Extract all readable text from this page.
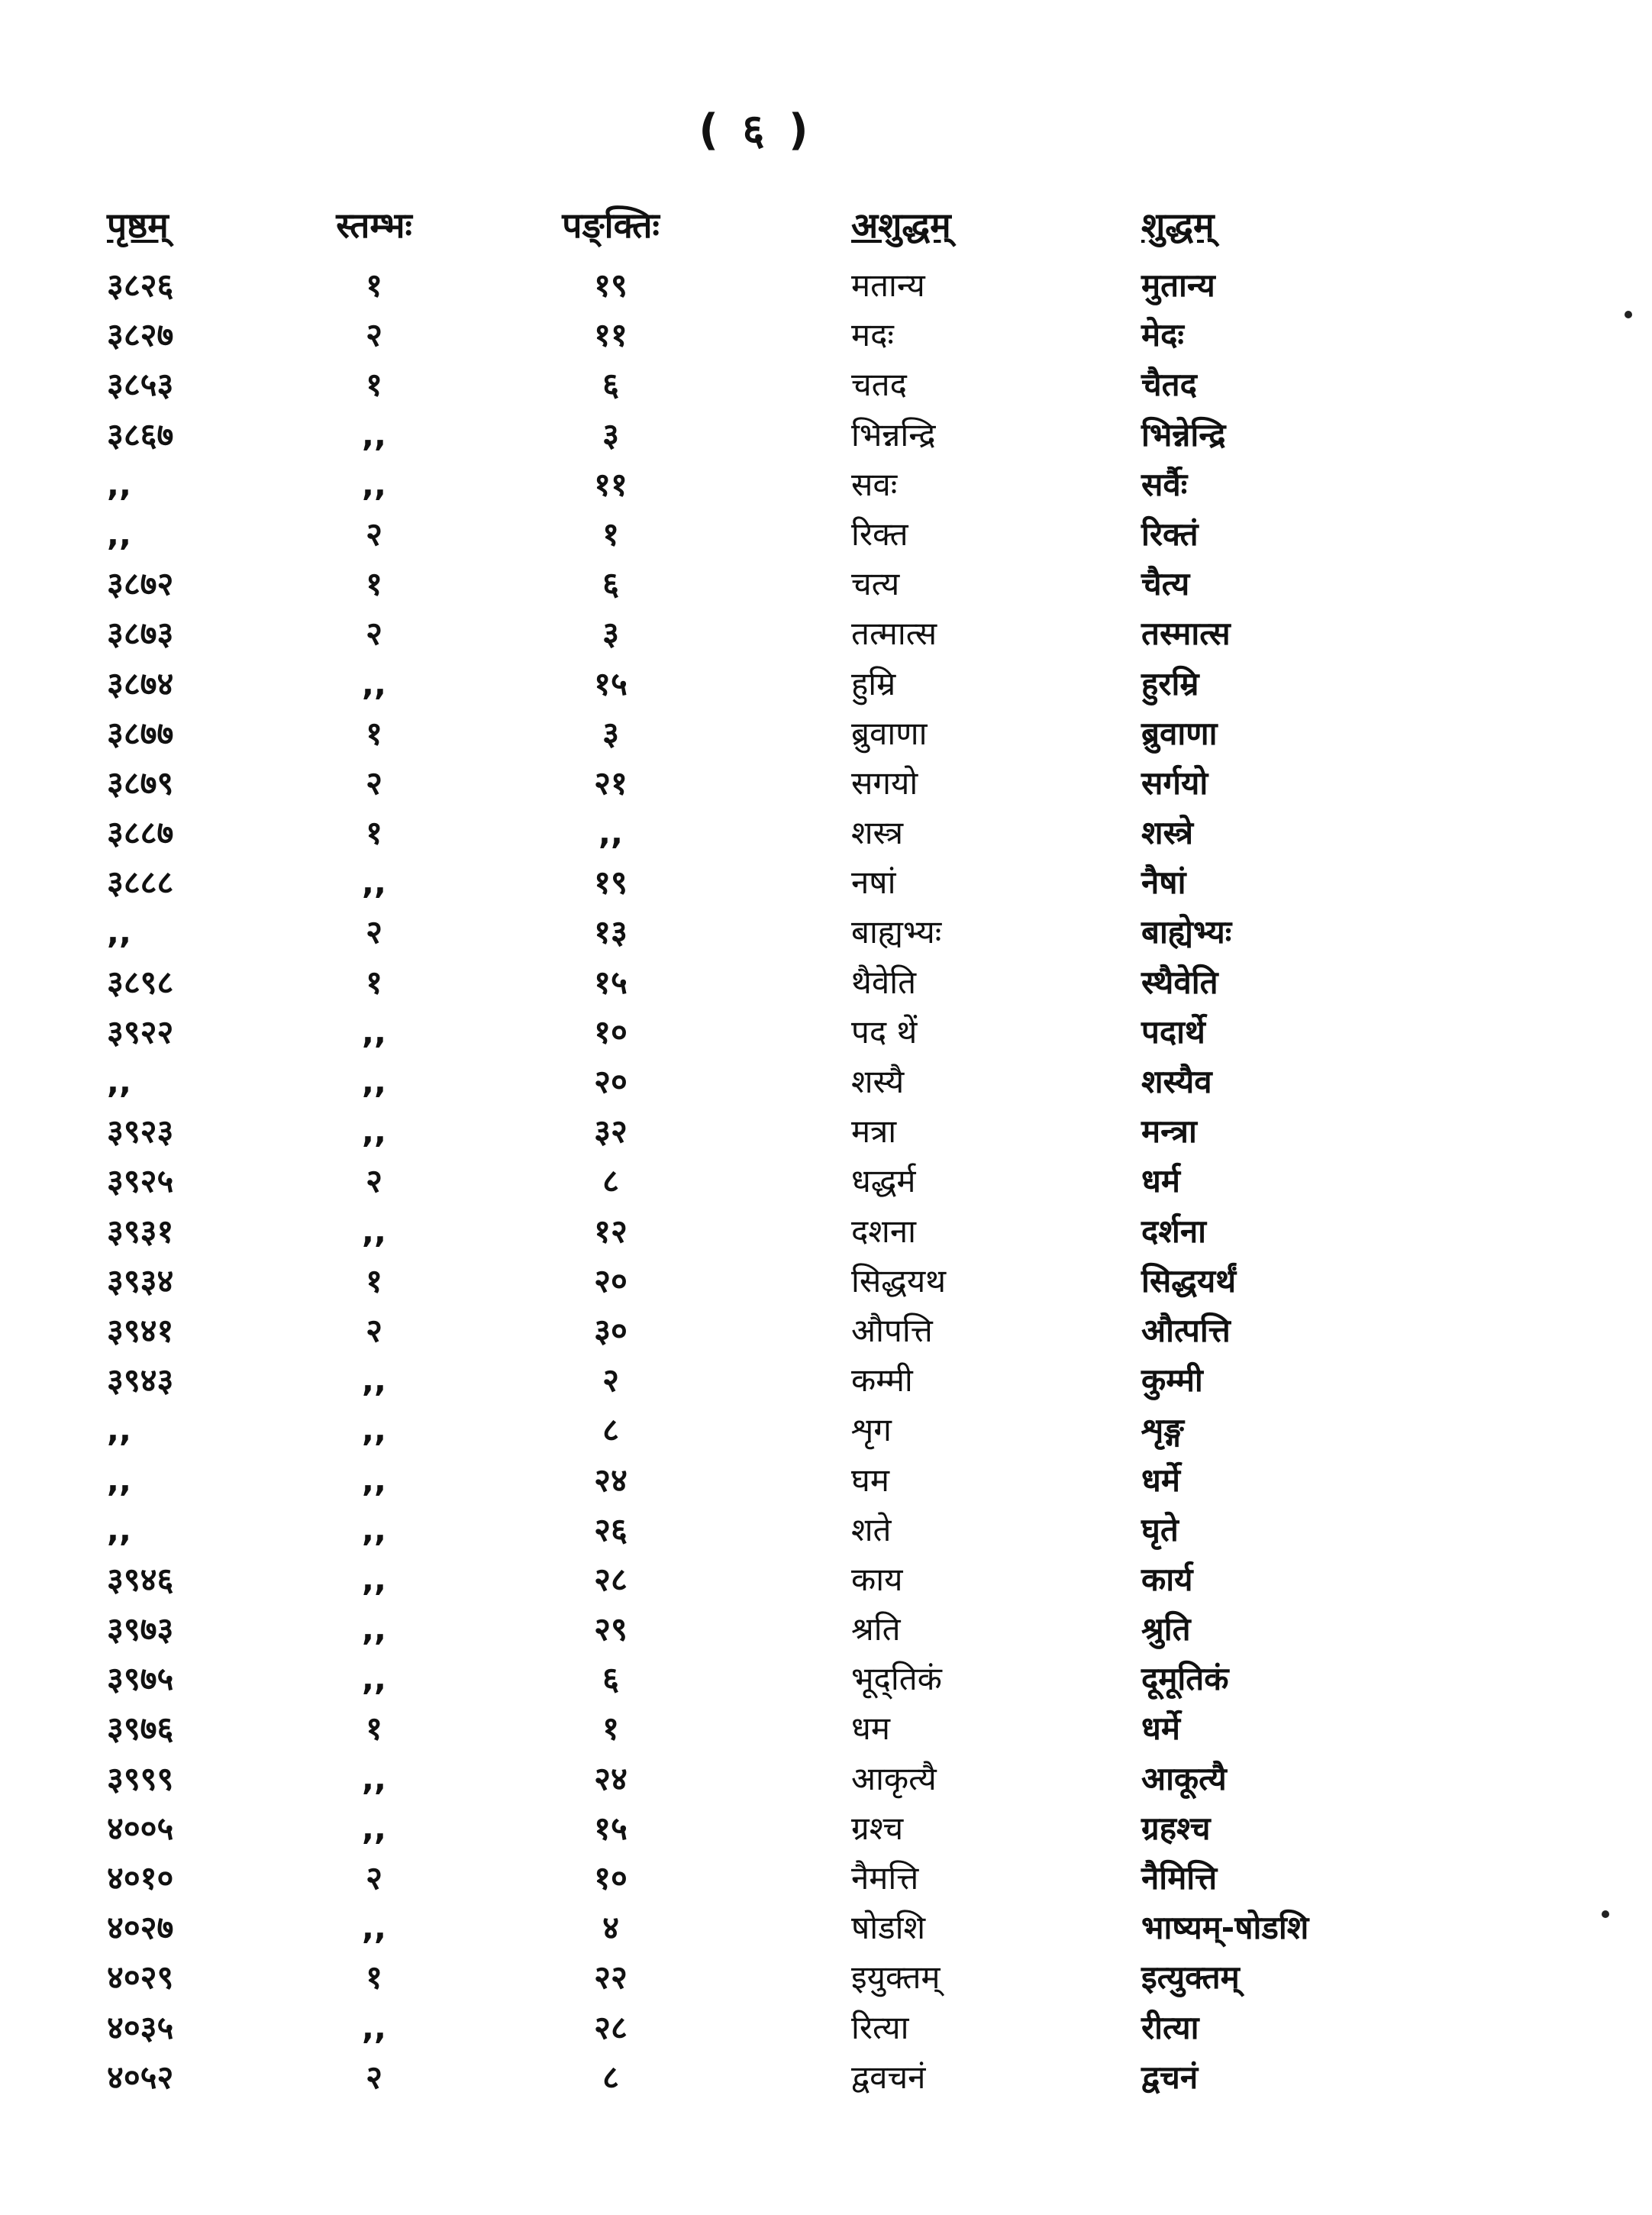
( ६ )
पृष्ठम्	स्तम्भः	पङ्क्तिः	अशुद्धम्	शुद्धम्
३८२६	१	१९	मतान्य	मुतान्य
३८२७	२	११	मदः	मेदः
३८५३	१	६	चतद	चैतद
३८६७	,,	३	भिन्नन्द्रि	भिन्नेन्द्रि
,,	,,	११	सवः	सर्वैः
,,	२	१	रिक्त	रिक्तं
३८७२	१	६	चत्य	चैत्य
३८७३	२	३	तत्मात्स	तस्मात्स
३८७४	,,	१५	हुम्रि	हुरम्रि
३८७७	१	३	ब्रुवाणा	ब्रुवाणा
३८७९	२	२१	सगयो	सर्गयो
३८८७	१	,,	शस्त्र	शस्त्रे
३८८८	,,	१९	नषां	नैषां
,,	२	१३	बाह्यभ्यः	बाह्येभ्यः
३८९८	१	१५	थैवेति	स्थैवेति
३९२२	,,	१०	पद थें	पदार्थे
,,	,,	२०	शस्यै	शस्यैव
३९२३	,,	३२	मत्रा	मन्त्रा
३९२५	२	८	धद्धर्म	धर्म
३९३१	,,	१२	दशना	दर्शना
३९३४	१	२०	सिद्धयथ	सिद्धयर्थं
३९४१	२	३०	औपत्ति	औत्पत्ति
३९४३	,,	२	कम्मी	कुम्मी
,,	,,	८	शृग	शृङ्ग
,,	,,	२४	घम	धर्मे
,,	,,	२६	शते	घृते
३९४६	,,	२८	काय	कार्य
३९७३	,,	२९	श्रति	श्रुति
३९७५	,,	६	भूद्तिकं	दूमूतिकं
३९७६	१	१	धम	धर्मे
३९९९	,,	२४	आकृत्यै	आकूत्यै
४००५	,,	१५	ग्रश्च	ग्रहश्च
४०१०	२	१०	नैमत्ति	नैमित्ति
४०२७	,,	४	षोडशि	भाष्यम्-षोडशि
४०२९	१	२२	इयुक्तम्	इत्युक्तम्
४०३५	,,	२८	रित्या	रीत्या
४०५२	२	८	द्ववचनं	द्वचनं
